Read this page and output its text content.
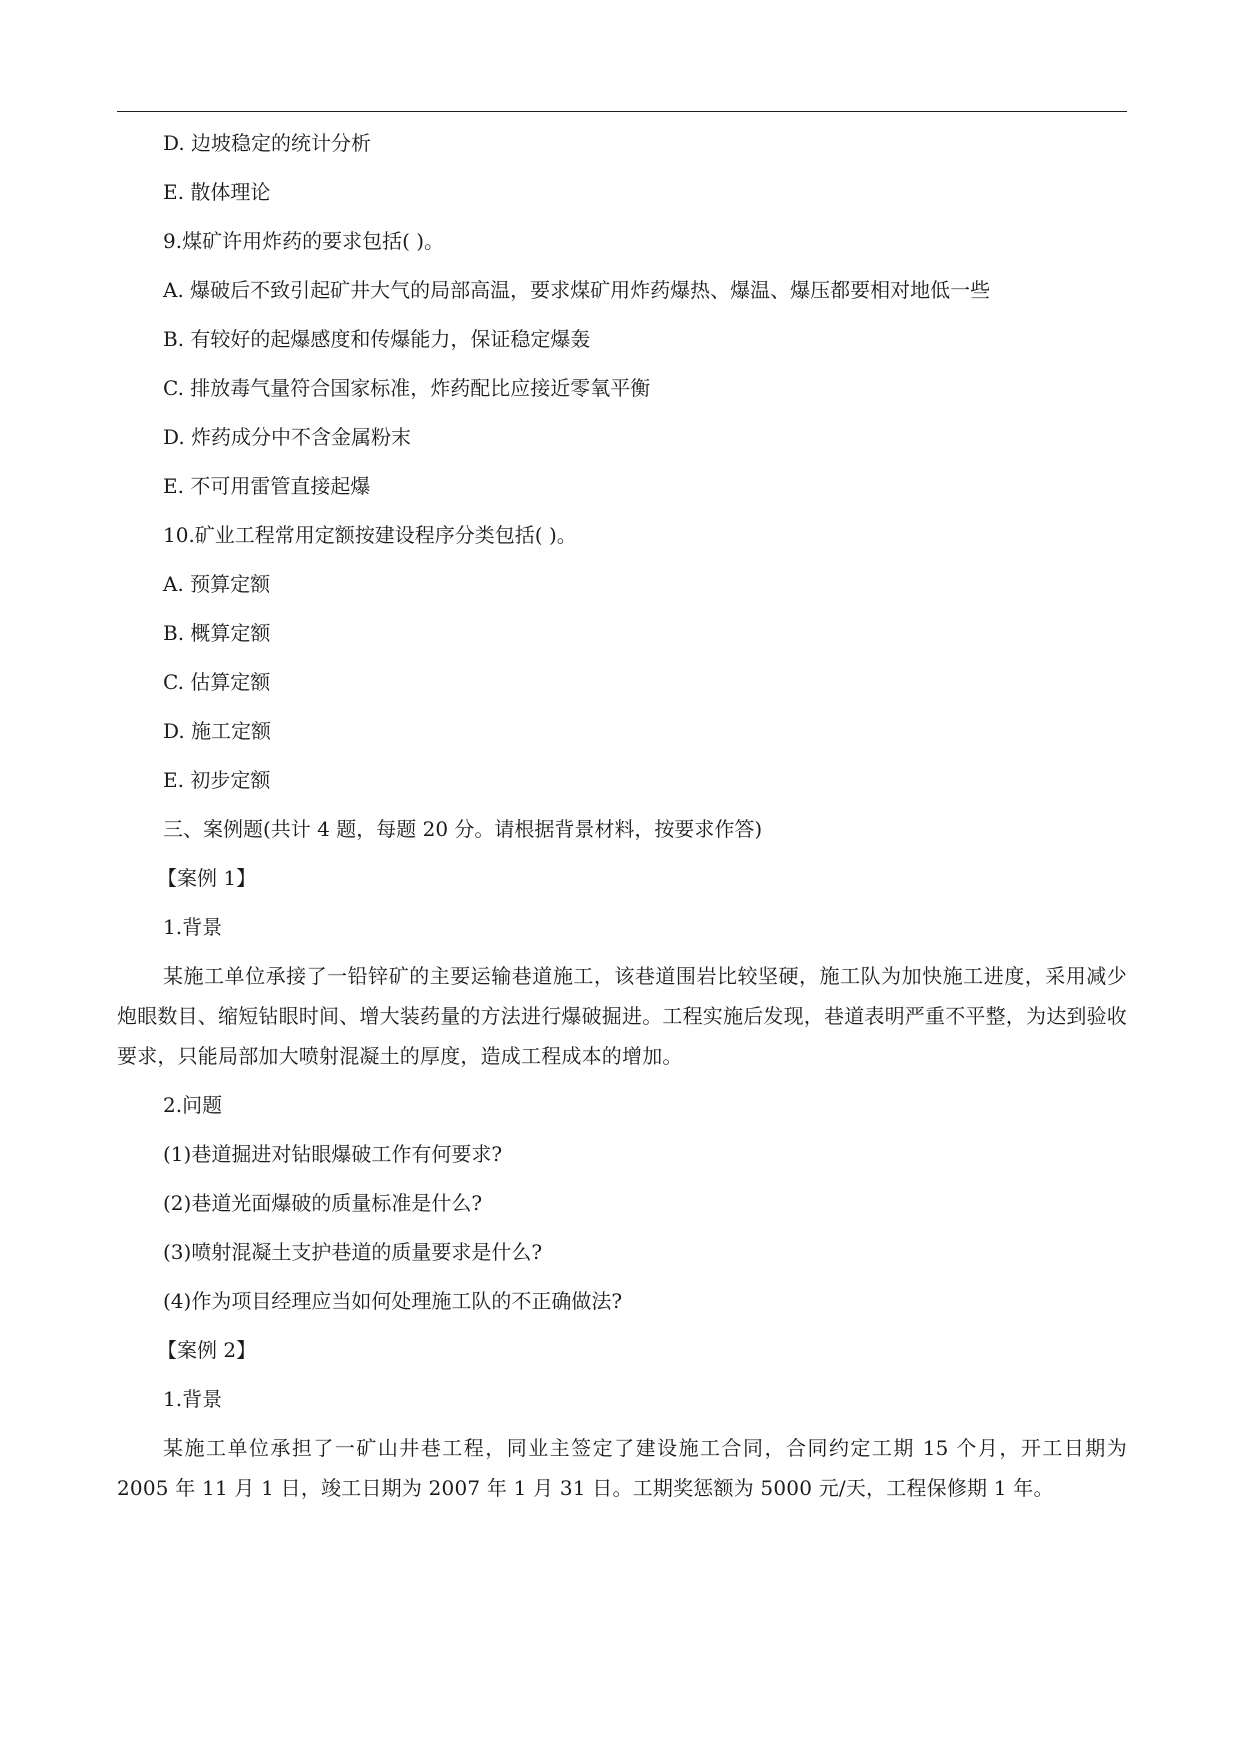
D. 边坡稳定的统计分析
E. 散体理论
9.煤矿许用炸药的要求包括( )。
A. 爆破后不致引起矿井大气的局部高温，要求煤矿用炸药爆热、爆温、爆压都要相对地低一些
B. 有较好的起爆感度和传爆能力，保证稳定爆轰
C. 排放毒气量符合国家标准，炸药配比应接近零氧平衡
D. 炸药成分中不含金属粉末
E. 不可用雷管直接起爆
10.矿业工程常用定额按建设程序分类包括( )。
A. 预算定额
B. 概算定额
C. 估算定额
D. 施工定额
E. 初步定额
三、案例题(共计 4 题，每题 20 分。请根据背景材料，按要求作答)
【案例 1】
1.背景
某施工单位承接了一铅锌矿的主要运输巷道施工，该巷道围岩比较坚硬，施工队为加快施工进度，采用减少炮眼数目、缩短钻眼时间、增大装药量的方法进行爆破掘进。工程实施后发现，巷道表明严重不平整，为达到验收要求，只能局部加大喷射混凝土的厚度，造成工程成本的增加。
2.问题
(1)巷道掘进对钻眼爆破工作有何要求?
(2)巷道光面爆破的质量标准是什么?
(3)喷射混凝土支护巷道的质量要求是什么?
(4)作为项目经理应当如何处理施工队的不正确做法?
【案例 2】
1.背景
某施工单位承担了一矿山井巷工程，同业主签定了建设施工合同，合同约定工期 15 个月，开工日期为 2005 年 11 月 1 日，竣工日期为 2007 年 1 月 31 日。工期奖惩额为 5000 元/天，工程保修期 1 年。
